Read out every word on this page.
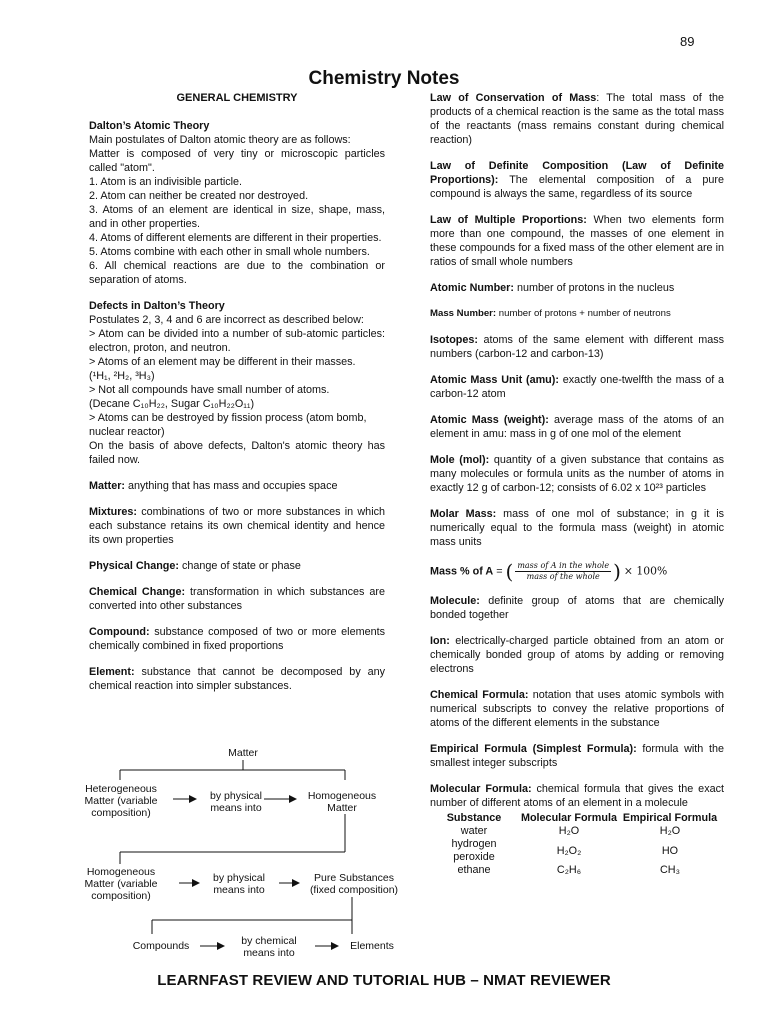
89
Chemistry Notes
GENERAL CHEMISTRY
Dalton’s Atomic Theory

Main postulates of Dalton atomic theory are as follows:

Matter is composed of very tiny or microscopic particles called "atom".

1. Atom is an indivisible particle.

2. Atom can neither be created nor destroyed.

3. Atoms of an element are identical in size, shape, mass, and in other properties.

4. Atoms of different elements are different in their properties.

5. Atoms combine with each other in small whole numbers.

6. All chemical reactions are due to the combination or separation of atoms.

Defects in Dalton’s Theory

Postulates 2, 3, 4 and 6 are incorrect as described below:

> Atom can be divided into a number of sub-atomic particles: electron, proton, and neutron.

> Atoms of an element may be different in their masses.

(¹H₁, ²H₂, ³H₃)

> Not all compounds have small number of atoms.

(Decane C₁₀H₂₂, Sugar C₁₀H₂₂O₁₁)

> Atoms can be destroyed by fission process (atom bomb, nuclear reactor)

On the basis of above defects, Dalton's atomic theory has failed now.

Matter: anything that has mass and occupies space

Mixtures: combinations of two or more substances in which each substance retains its own chemical identity and hence its own properties

Physical Change: change of state or phase

Chemical Change: transformation in which substances are converted into other substances

Compound: substance composed of two or more elements chemically combined in fixed proportions

Element: substance that cannot be decomposed by any chemical reaction into simpler substances.

Matter
Heterogeneous Matter (variable composition)
by physical means into
Homogeneous Matter
Homogeneous Matter (variable composition)
by physical means into
Pure Substances (fixed composition)
Compounds	by chemical means into
Elements

Law of Conservation of Mass: The total mass of the products of a chemical reaction is the same as the total mass of the reactants (mass remains constant during chemical reaction)

Law of Definite Composition (Law of Definite Proportions): The elemental composition of a pure compound is always the same, regardless of its source

Law of Multiple Proportions: When two elements form more than one compound, the masses of one element in these compounds for a fixed mass of the other element are in ratios of small whole numbers

Atomic Number: number of protons in the nucleus

Mass Number: number of protons + number of neutrons

Isotopes: atoms of the same element with different mass numbers (carbon-12 and carbon-13)

Atomic Mass Unit (amu): exactly one-twelfth the mass of a carbon-12 atom

Atomic Mass (weight): average mass of the atoms of an element in amu: mass in g of one mol of the element

Mole (mol): quantity of a given substance that contains as many molecules or formula units as the number of atoms in exactly 12 g of carbon-12; consists of 6.02 x 10²³ particles

Molar Mass: mass of one mol of substance; in g it is numerically equal to the formula mass (weight) in atomic mass units

Mass % of A = ( $\frac{\text{mass of A in the whole}}{\text{mass of the whole}}$ ) × 100%

Molecule: definite group of atoms that are chemically bonded together

Ion: electrically-charged particle obtained from an atom or chemically bonded group of atoms by adding or removing electrons

Chemical Formula: notation that uses atomic symbols with numerical subscripts to convey the relative proportions of atoms of the different elements in the substance

Empirical Formula (Simplest Formula): formula with the smallest integer subscripts

Molecular Formula: chemical formula that gives the exact number of different atoms of an element in a molecule

Substance	Molecular Formula	Empirical Formula
water	H₂O	H₂O
hydrogen peroxide	H₂O₂	HO
ethane	C₂H₆	CH₃
LEARNFAST REVIEW AND TUTORIAL HUB – NMAT REVIEWER
